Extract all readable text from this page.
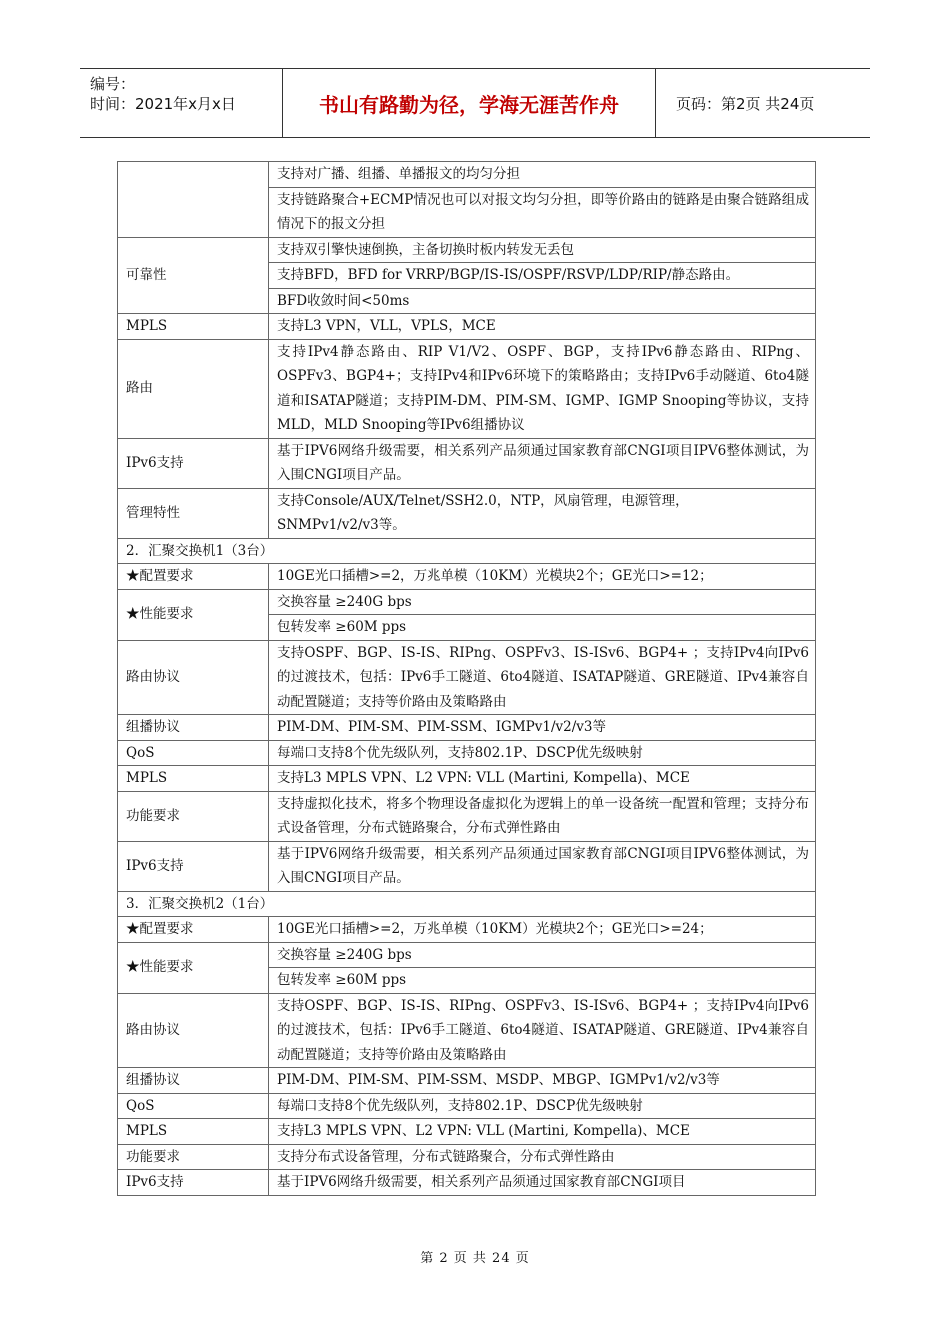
编号：
时间：2021年x月x日	书山有路勤为径，学海无涯苦作舟	页码：第2页 共24页
	支持对广播、组播、单播报文的均匀分担
	支持链路聚合+ECMP情况也可以对报文均匀分担，即等价路由的链路是由聚合链路组成情况下的报文分担
可靠性	支持双引擎快速倒换，主备切换时板内转发无丢包
	支持BFD，BFD for VRRP/BGP/IS-IS/OSPF/RSVP/LDP/RIP/静态路由。
	BFD收敛时间<50ms
MPLS	支持L3 VPN，VLL，VPLS，MCE
路由	支持IPv4静态路由、RIP V1/V2、OSPF、BGP，支持IPv6静态路由、RIPng、OSPFv3、BGP4+；支持IPv4和IPv6环境下的策略路由；支持IPv6手动隧道、6to4隧道和ISATAP隧道；支持PIM-DM、PIM-SM、IGMP、IGMP Snooping等协议，支持MLD，MLD Snooping等IPv6组播协议
IPv6支持	基于IPV6网络升级需要，相关系列产品须通过国家教育部CNGI项目IPV6整体测试，为入围CNGI项目产品。
管理特性	支持Console/AUX/Telnet/SSH2.0，NTP，风扇管理，电源管理，
SNMPv1/v2/v3等。
2．汇聚交换机1（3台）	
★配置要求	10GE光口插槽>=2，万兆单模（10KM）光模块2个；GE光口>=12；
★性能要求	交换容量 ≥240G bps
	包转发率 ≥60M pps
路由协议	支持OSPF、BGP、IS-IS、RIPng、OSPFv3、IS-ISv6、BGP4+ ；支持IPv4向IPv6的过渡技术，包括：IPv6手工隧道、6to4隧道、ISATAP隧道、GRE隧道、IPv4兼容自动配置隧道；支持等价路由及策略路由
组播协议	PIM-DM、PIM-SM、PIM-SSM、IGMPv1/v2/v3等
QoS	每端口支持8个优先级队列，支持802.1P、DSCP优先级映射
MPLS	支持L3 MPLS VPN、L2 VPN: VLL (Martini, Kompella)、MCE
功能要求	支持虚拟化技术，将多个物理设备虚拟化为逻辑上的单一设备统一配置和管理；支持分布式设备管理，分布式链路聚合，分布式弹性路由
IPv6支持	基于IPV6网络升级需要，相关系列产品须通过国家教育部CNGI项目IPV6整体测试，为入围CNGI项目产品。
3．汇聚交换机2（1台）	
★配置要求	10GE光口插槽>=2，万兆单模（10KM）光模块2个；GE光口>=24；
★性能要求	交换容量 ≥240G bps
	包转发率 ≥60M pps
路由协议	支持OSPF、BGP、IS-IS、RIPng、OSPFv3、IS-ISv6、BGP4+ ；支持IPv4向IPv6的过渡技术，包括：IPv6手工隧道、6to4隧道、ISATAP隧道、GRE隧道、IPv4兼容自动配置隧道；支持等价路由及策略路由
组播协议	PIM-DM、PIM-SM、PIM-SSM、MSDP、MBGP、IGMPv1/v2/v3等
QoS	每端口支持8个优先级队列，支持802.1P、DSCP优先级映射
MPLS	支持L3 MPLS VPN、L2 VPN: VLL (Martini, Kompella)、MCE
功能要求	支持分布式设备管理，分布式链路聚合，分布式弹性路由
IPv6支持	基于IPV6网络升级需要，相关系列产品须通过国家教育部CNGI项目
第 2 页 共 24 页
